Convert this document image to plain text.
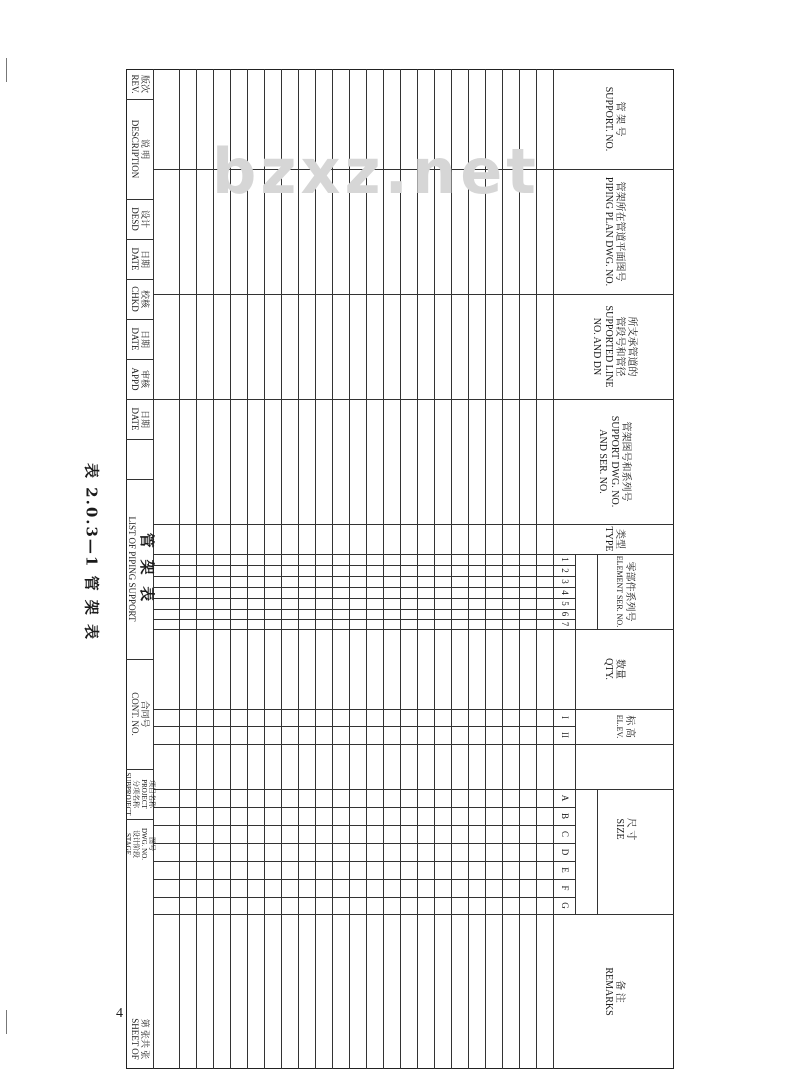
4
表 2.0.3—1 管 架 表
管 架 号
SUPPORT. NO.
管架所在管道平面图号
PIPING PLAN DWG. NO.
所支承管道的
管段号和管径
SUPPORTED LINE
NO. AND DN
管架图号和系列号
SUPPORT DWG. NO.
AND SER. NO.
类型
TYPE
零部件系列号
ELEMENT SER. NO.
1
2
3
4
5
6
7
数量
QTY.
标 高
EL.EV.
I
II
尺 寸
SIZE
A
B
C
D
E
F
G
备 注
REMARKS
版次
REV.
说 明
DESCRIPTION
设计
DESD
日期
DATE
校核
CHKD
日期
DATE
审核
APPD
日期
DATE
管 架 表
LIST OF PIPING SUPPORT
合同号
CONT. NO.
项目名称
PROJECT
分项名称
SUBPROJECT
图号
DWG. NO.
设计阶段
STAGE
第 张共 张
SHEET OF
bzxz.net
